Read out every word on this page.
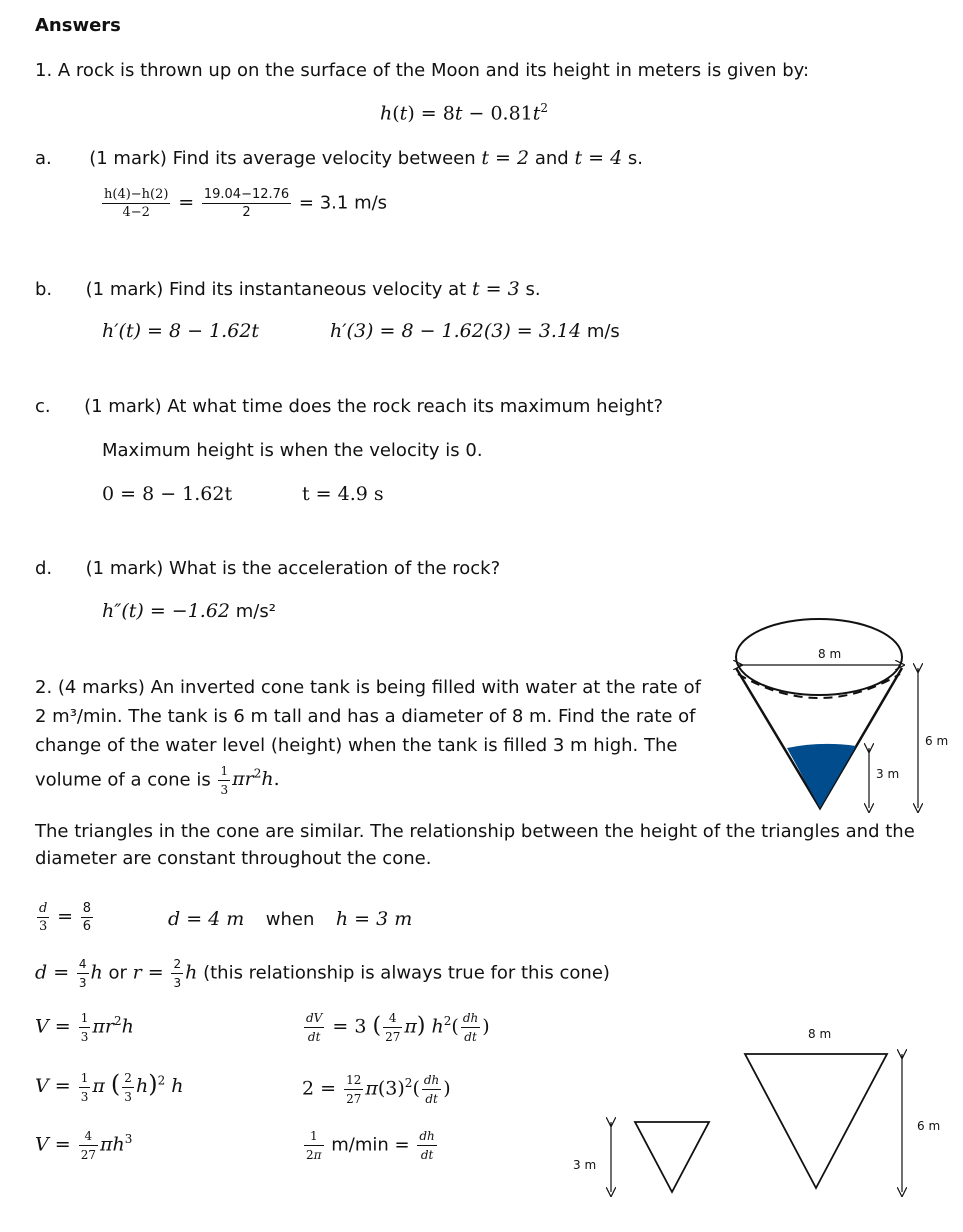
Answers
1. A rock is thrown up on the surface of the Moon and its height in meters is given by:
$h(t) = 8t - 0.81t^2$
a. (1 mark) Find its average velocity between t = 2 and t = 4 s.
$\frac{h(4)-h(2)}{4-2} = \frac{19.04-12.76}{2} = 3.1$ m/s
b. (1 mark) Find its instantaneous velocity at t = 3 s.
h′(t) = 8 − 1.62t	h′(3) = 8 − 1.62(3) = 3.14 m/s
c. (1 mark) At what time does the rock reach its maximum height?
Maximum height is when the velocity is 0.
0 = 8 − 1.62t	t = 4.9 s
d. (1 mark) What is the acceleration of the rock?
h″(t) = −1.62 m/s²
2. (4 marks) An inverted cone tank is being filled with water at the rate of 2 m³/min. The tank is 6 m tall and has a diameter of 8 m. Find the rate of change of the water level (height) when the tank is filled 3 m high. The volume of a cone is $\frac{1}{3} \pi r^2h$.
The triangles in the cone are similar. The relationship between the height of the triangles and the diameter are constant throughout the cone.
$\frac{d}{3} = \frac{8}{6}$	d = 4 m when h = 3 m
$d = \frac{4}{3}$ h or $r = \frac{2}{3}$ h (this relationship is always true for this cone)
$V = \frac{1}{3} \pi r^2h$
$V = \frac{1}{3}$ π ( $\frac{2}{3} h)^2$ h
$V = \frac{4}{27} \pi h^3$
$\frac{dV}{dt} = 3$ ( $\frac{4}{27} \pi$) $h^2( \frac{dh}{dt}$ )
$2 = \frac{12}{27} \pi(3)^2( \frac{dh}{dt}$ )
$\frac{1}{2\pi} m/\min = \frac{dh}{dt}$
8 m
6 m
3 m
3 m
8 m
6 m
